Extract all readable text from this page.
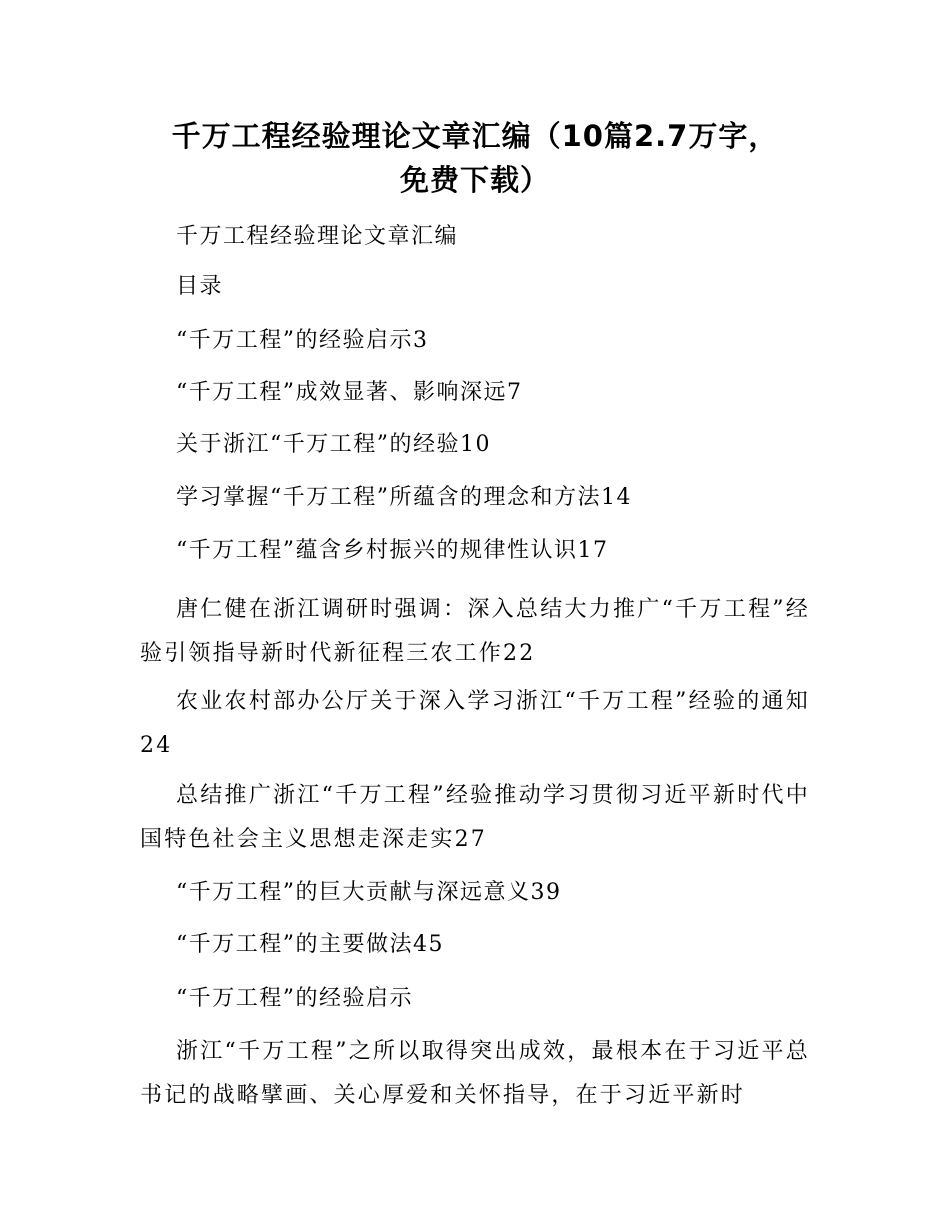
千万工程经验理论文章汇编（10篇2.7万字，
免费下载）

千万工程经验理论文章汇编

目录

“千万工程”的经验启示3

“千万工程”成效显著、影响深远7

关于浙江“千万工程”的经验10

学习掌握“千万工程”所蕴含的理念和方法14

“千万工程”蕴含乡村振兴的规律性认识17

唐仁健在浙江调研时强调：深入总结大力推广“千万工程”经验引领指导新时代新征程三农工作22

农业农村部办公厅关于深入学习浙江“千万工程”经验的通知24

总结推广浙江“千万工程”经验推动学习贯彻习近平新时代中国特色社会主义思想走深走实27

“千万工程”的巨大贡献与深远意义39

“千万工程”的主要做法45

“千万工程”的经验启示

浙江“千万工程”之所以取得突出成效，最根本在于习近平总书记的战略擘画、关心厚爱和关怀指导，在于习近平新时
